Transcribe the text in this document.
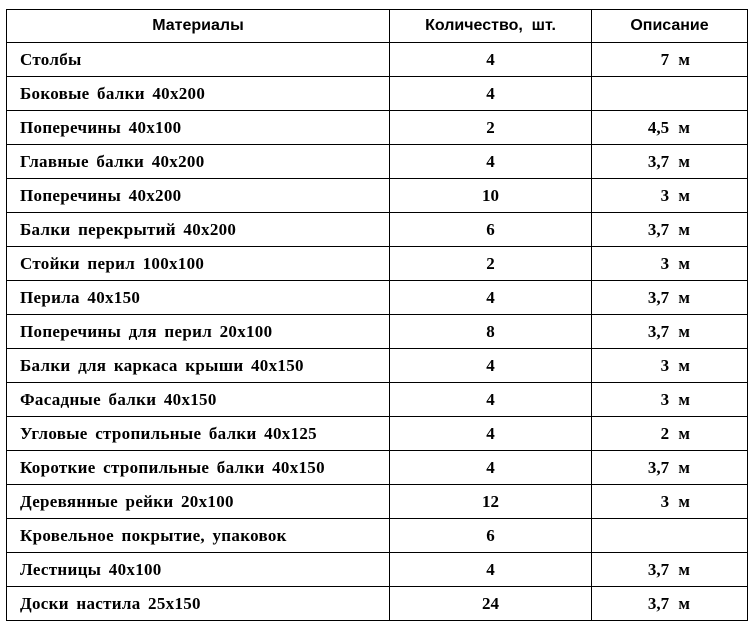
Материалы	Количество,  шт.	Описание
Столбы	4	7 м
Боковые балки 40х200	4	
Поперечины 40х100	2	4,5 м
Главные балки 40х200	4	3,7 м
Поперечины 40х200	10	3 м
Балки перекрытий 40х200	6	3,7 м
Стойки перил 100х100	2	3 м
Перила 40х150	4	3,7 м
Поперечины для перил 20х100	8	3,7 м
Балки для каркаса крыши 40х150	4	3 м
Фасадные балки 40х150	4	3 м
Угловые стропильные балки 40х125	4	2 м
Короткие стропильные балки 40х150	4	3,7 м
Деревянные рейки 20х100	12	3 м
Кровельное покрытие, упаковок	6	
Лестницы 40х100	4	3,7 м
Доски настила 25х150	24	3,7 м
